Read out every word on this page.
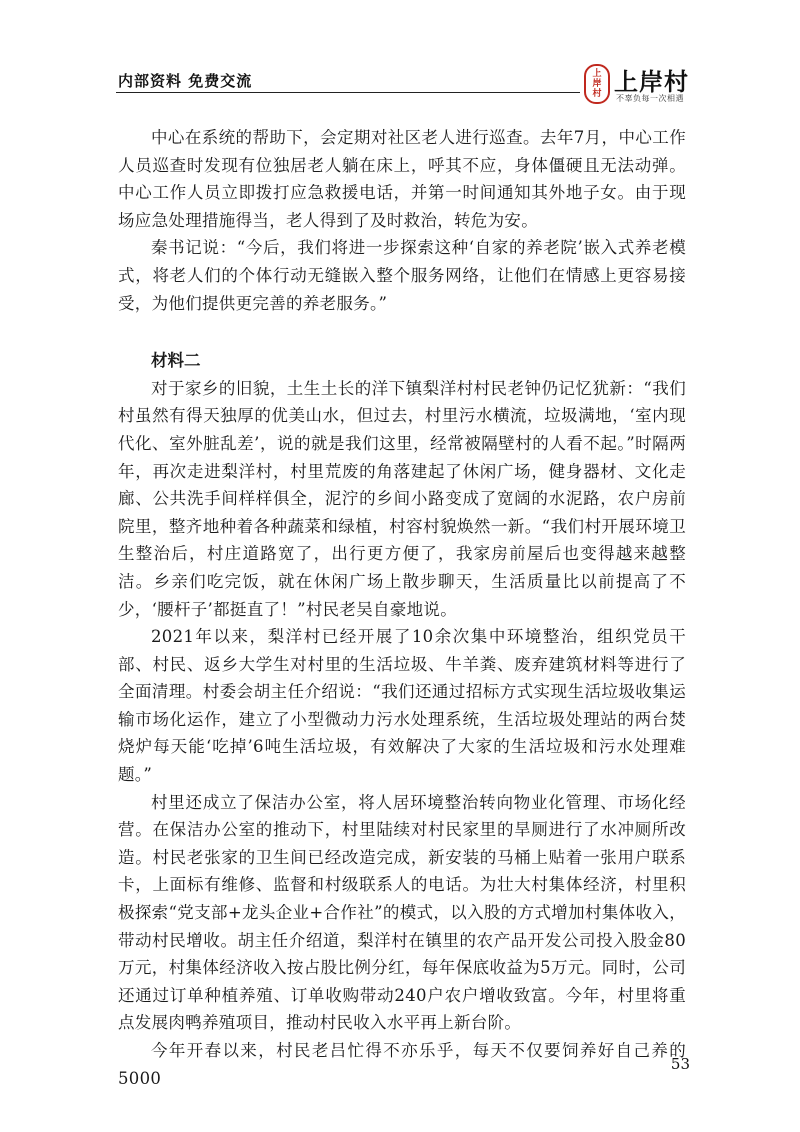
内部资料 免费交流	上
岸
村 上岸村
不辜负每一次相遇

中心在系统的帮助下，会定期对社区老人进行巡查。去年7月，中心工作人员巡查时发现有位独居老人躺在床上，呼其不应，身体僵硬且无法动弹。中心工作人员立即拨打应急救援电话，并第一时间通知其外地子女。由于现场应急处理措施得当，老人得到了及时救治，转危为安。

秦书记说：“今后，我们将进一步探索这种‘自家的养老院’嵌入式养老模式，将老人们的个体行动无缝嵌入整个服务网络，让他们在情感上更容易接受，为他们提供更完善的养老服务。”

材料二

对于家乡的旧貌，土生土长的洋下镇梨洋村村民老钟仍记忆犹新：“我们村虽然有得天独厚的优美山水，但过去，村里污水横流，垃圾满地，‘室内现代化、室外脏乱差’，说的就是我们这里，经常被隔壁村的人看不起。”时隔两年，再次走进梨洋村，村里荒废的角落建起了休闲广场，健身器材、文化走廊、公共洗手间样样俱全，泥泞的乡间小路变成了宽阔的水泥路，农户房前院里，整齐地种着各种蔬菜和绿植，村容村貌焕然一新。“我们村开展环境卫生整治后，村庄道路宽了，出行更方便了，我家房前屋后也变得越来越整洁。乡亲们吃完饭，就在休闲广场上散步聊天，生活质量比以前提高了不少，‘腰杆子’都挺直了！”村民老吴自豪地说。

2021年以来，梨洋村已经开展了10余次集中环境整治，组织党员干部、村民、返乡大学生对村里的生活垃圾、牛羊粪、废弃建筑材料等进行了全面清理。村委会胡主任介绍说：“我们还通过招标方式实现生活垃圾收集运输市场化运作，建立了小型微动力污水处理系统，生活垃圾处理站的两台焚烧炉每天能‘吃掉’6吨生活垃圾，有效解决了大家的生活垃圾和污水处理难题。”

村里还成立了保洁办公室，将人居环境整治转向物业化管理、市场化经营。在保洁办公室的推动下，村里陆续对村民家里的旱厕进行了水冲厕所改造。村民老张家的卫生间已经改造完成，新安装的马桶上贴着一张用户联系卡，上面标有维修、监督和村级联系人的电话。为壮大村集体经济，村里积极探索“党支部+龙头企业+合作社”的模式，以入股的方式增加村集体收入，带动村民增收。胡主任介绍道，梨洋村在镇里的农产品开发公司投入股金80万元，村集体经济收入按占股比例分红，每年保底收益为5万元。同时，公司还通过订单种植养殖、订单收购带动240户农户增收致富。今年，村里将重点发展肉鸭养殖项目，推动村民收入水平再上新台阶。

今年开春以来，村民老吕忙得不亦乐乎，每天不仅要饲养好自己养的5000

53
